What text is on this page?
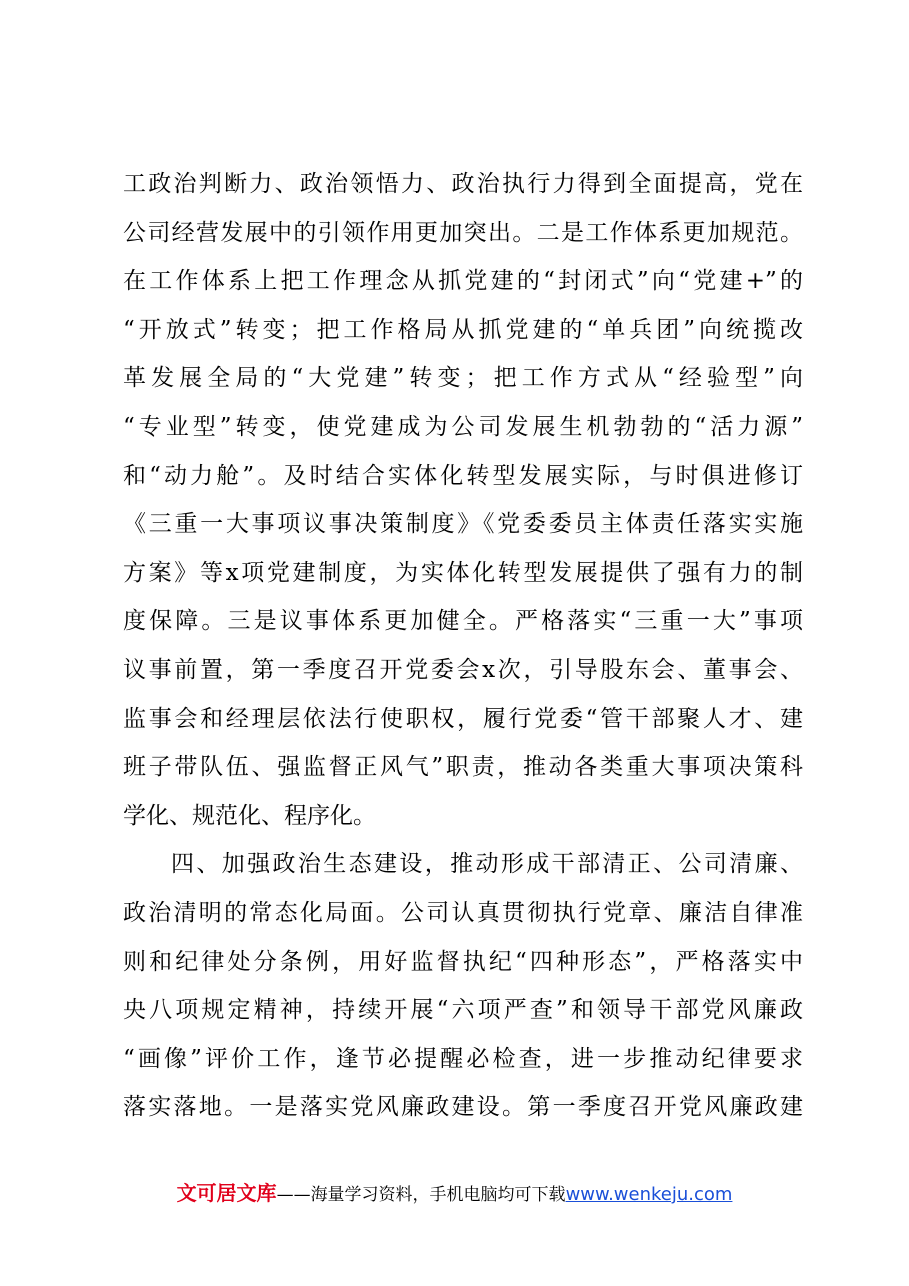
工政治判断力、政治领悟力、政治执行力得到全面提高，党在
公司经营发展中的引领作用更加突出。二是工作体系更加规范。
在工作体系上把工作理念从抓党建的“封闭式”向“党建+”的
“开放式”转变；把工作格局从抓党建的“单兵团”向统揽改
革发展全局的“大党建”转变；把工作方式从“经验型”向
“专业型”转变，使党建成为公司发展生机勃勃的“活力源”
和“动力舱”。及时结合实体化转型发展实际，与时俱进修订
《三重一大事项议事决策制度》《党委委员主体责任落实实施
方案》等x项党建制度，为实体化转型发展提供了强有力的制
度保障。三是议事体系更加健全。严格落实“三重一大”事项
议事前置，第一季度召开党委会x次，引导股东会、董事会、
监事会和经理层依法行使职权，履行党委“管干部聚人才、建
班子带队伍、强监督正风气”职责，推动各类重大事项决策科
学化、规范化、程序化。
四、加强政治生态建设，推动形成干部清正、公司清廉、
政治清明的常态化局面。公司认真贯彻执行党章、廉洁自律准
则和纪律处分条例，用好监督执纪“四种形态”，严格落实中
央八项规定精神，持续开展“六项严查”和领导干部党风廉政
“画像”评价工作，逢节必提醒必检查，进一步推动纪律要求
落实落地。一是落实党风廉政建设。第一季度召开党风廉政建
文可居文库——海量学习资料，手机电脑均可下载www.wenkeju.com
